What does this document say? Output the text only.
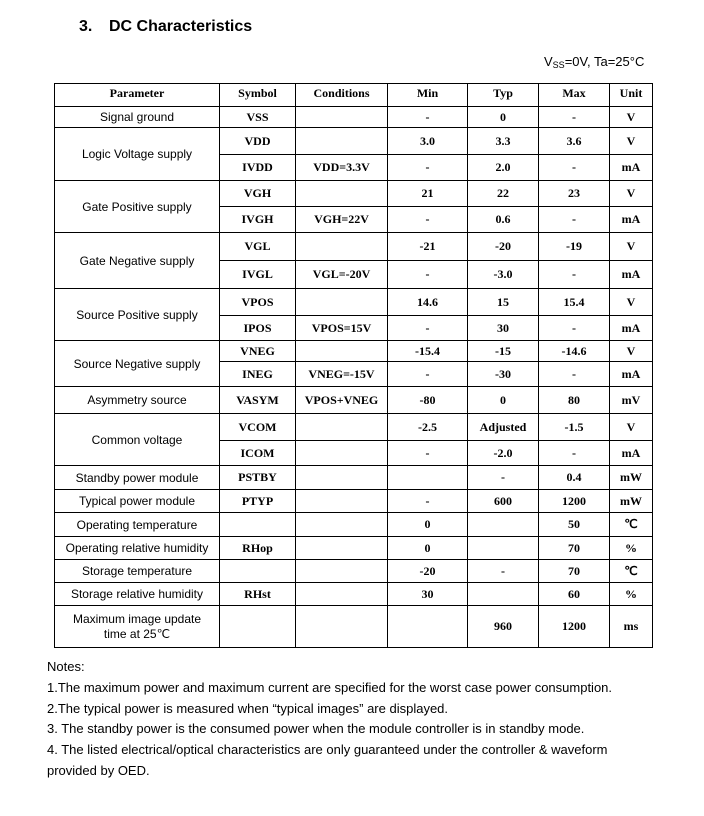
3. DC Characteristics
$V_{SS}=0V$, Ta=25°C
Parameter	Symbol	Conditions	Min	Typ	Max	Unit
Signal ground	VSS		-	0	-	V
Logic Voltage supply	VDD		3.0	3.3	3.6	V
	IVDD	VDD=3.3V	-	2.0	-	mA
Gate Positive supply	VGH		21	22	23	V
	IVGH	VGH=22V	-	0.6	-	mA
Gate Negative supply	VGL		-21	-20	-19	V
	IVGL	VGL=-20V	-	-3.0	-	mA
Source Positive supply	VPOS		14.6	15	15.4	V
	IPOS	VPOS=15V	-	30	-	mA
Source Negative supply	VNEG		-15.4	-15	-14.6	V
	INEG	VNEG=-15V	-	-30	-	mA
Asymmetry source	VASYM	VPOS+VNEG	-80	0	80	mV
Common voltage	VCOM		-2.5	Adjusted	-1.5	V
	ICOM		-	-2.0	-	mA
Standby power module	PSTBY			-	0.4	mW
Typical power module	PTYP		-	600	1200	mW
Operating temperature			0		50	℃
Operating relative humidity	RHop		0		70	%
Storage temperature			-20	-	70	℃
Storage relative humidity	RHst		30		60	%

Maximum image update
time at 25℃				960	1200	ms
Notes:
1.The maximum power and maximum current are specified for the worst case power consumption.
2.The typical power is measured when “typical images” are displayed.
3. The standby power is the consumed power when the module controller is in standby mode.
4. The listed electrical/optical characteristics are only guaranteed under the controller & waveform
provided by OED.
